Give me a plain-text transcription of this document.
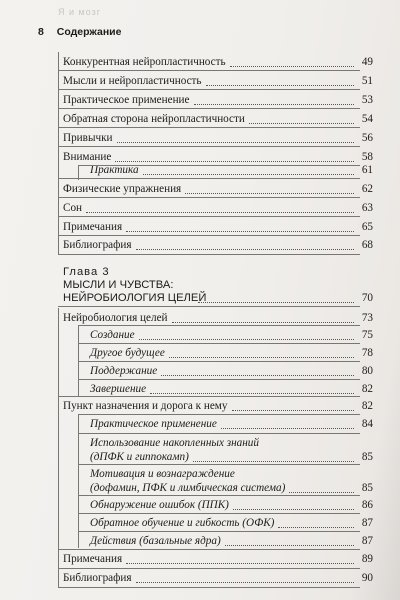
Я и мозг
8 Содержание
Конкурентная нейропластичность	49
Мысли и нейропластичность	51
Практическое применение	53
Обратная сторона нейропластичности	54
Привычки	56
Внимание	58
Практика	61
Физические упражнения	62
Сон	63
Примечания	65
Библиография	68
Глава 3
МЫСЛИ И ЧУВСТВА:
НЕЙРОБИОЛОГИЯ ЦЕЛЕЙ	70
Нейробиология целей	73
Создание	75
Другое будущее	78
Поддержание	80
Завершение	82
Пункт назначения и дорога к нему	82
Практическое применение	84
Использование накопленных знаний
(дПФК и гиппокамп)	85
Мотивация и вознаграждение
(дофамин, ПФК и лимбическая система)	85
Обнаружение ошибок (ППК)	86
Обратное обучение и гибкость (ОФК)	87
Действия (базальные ядра)	87
Примечания	89
Библиография	90
